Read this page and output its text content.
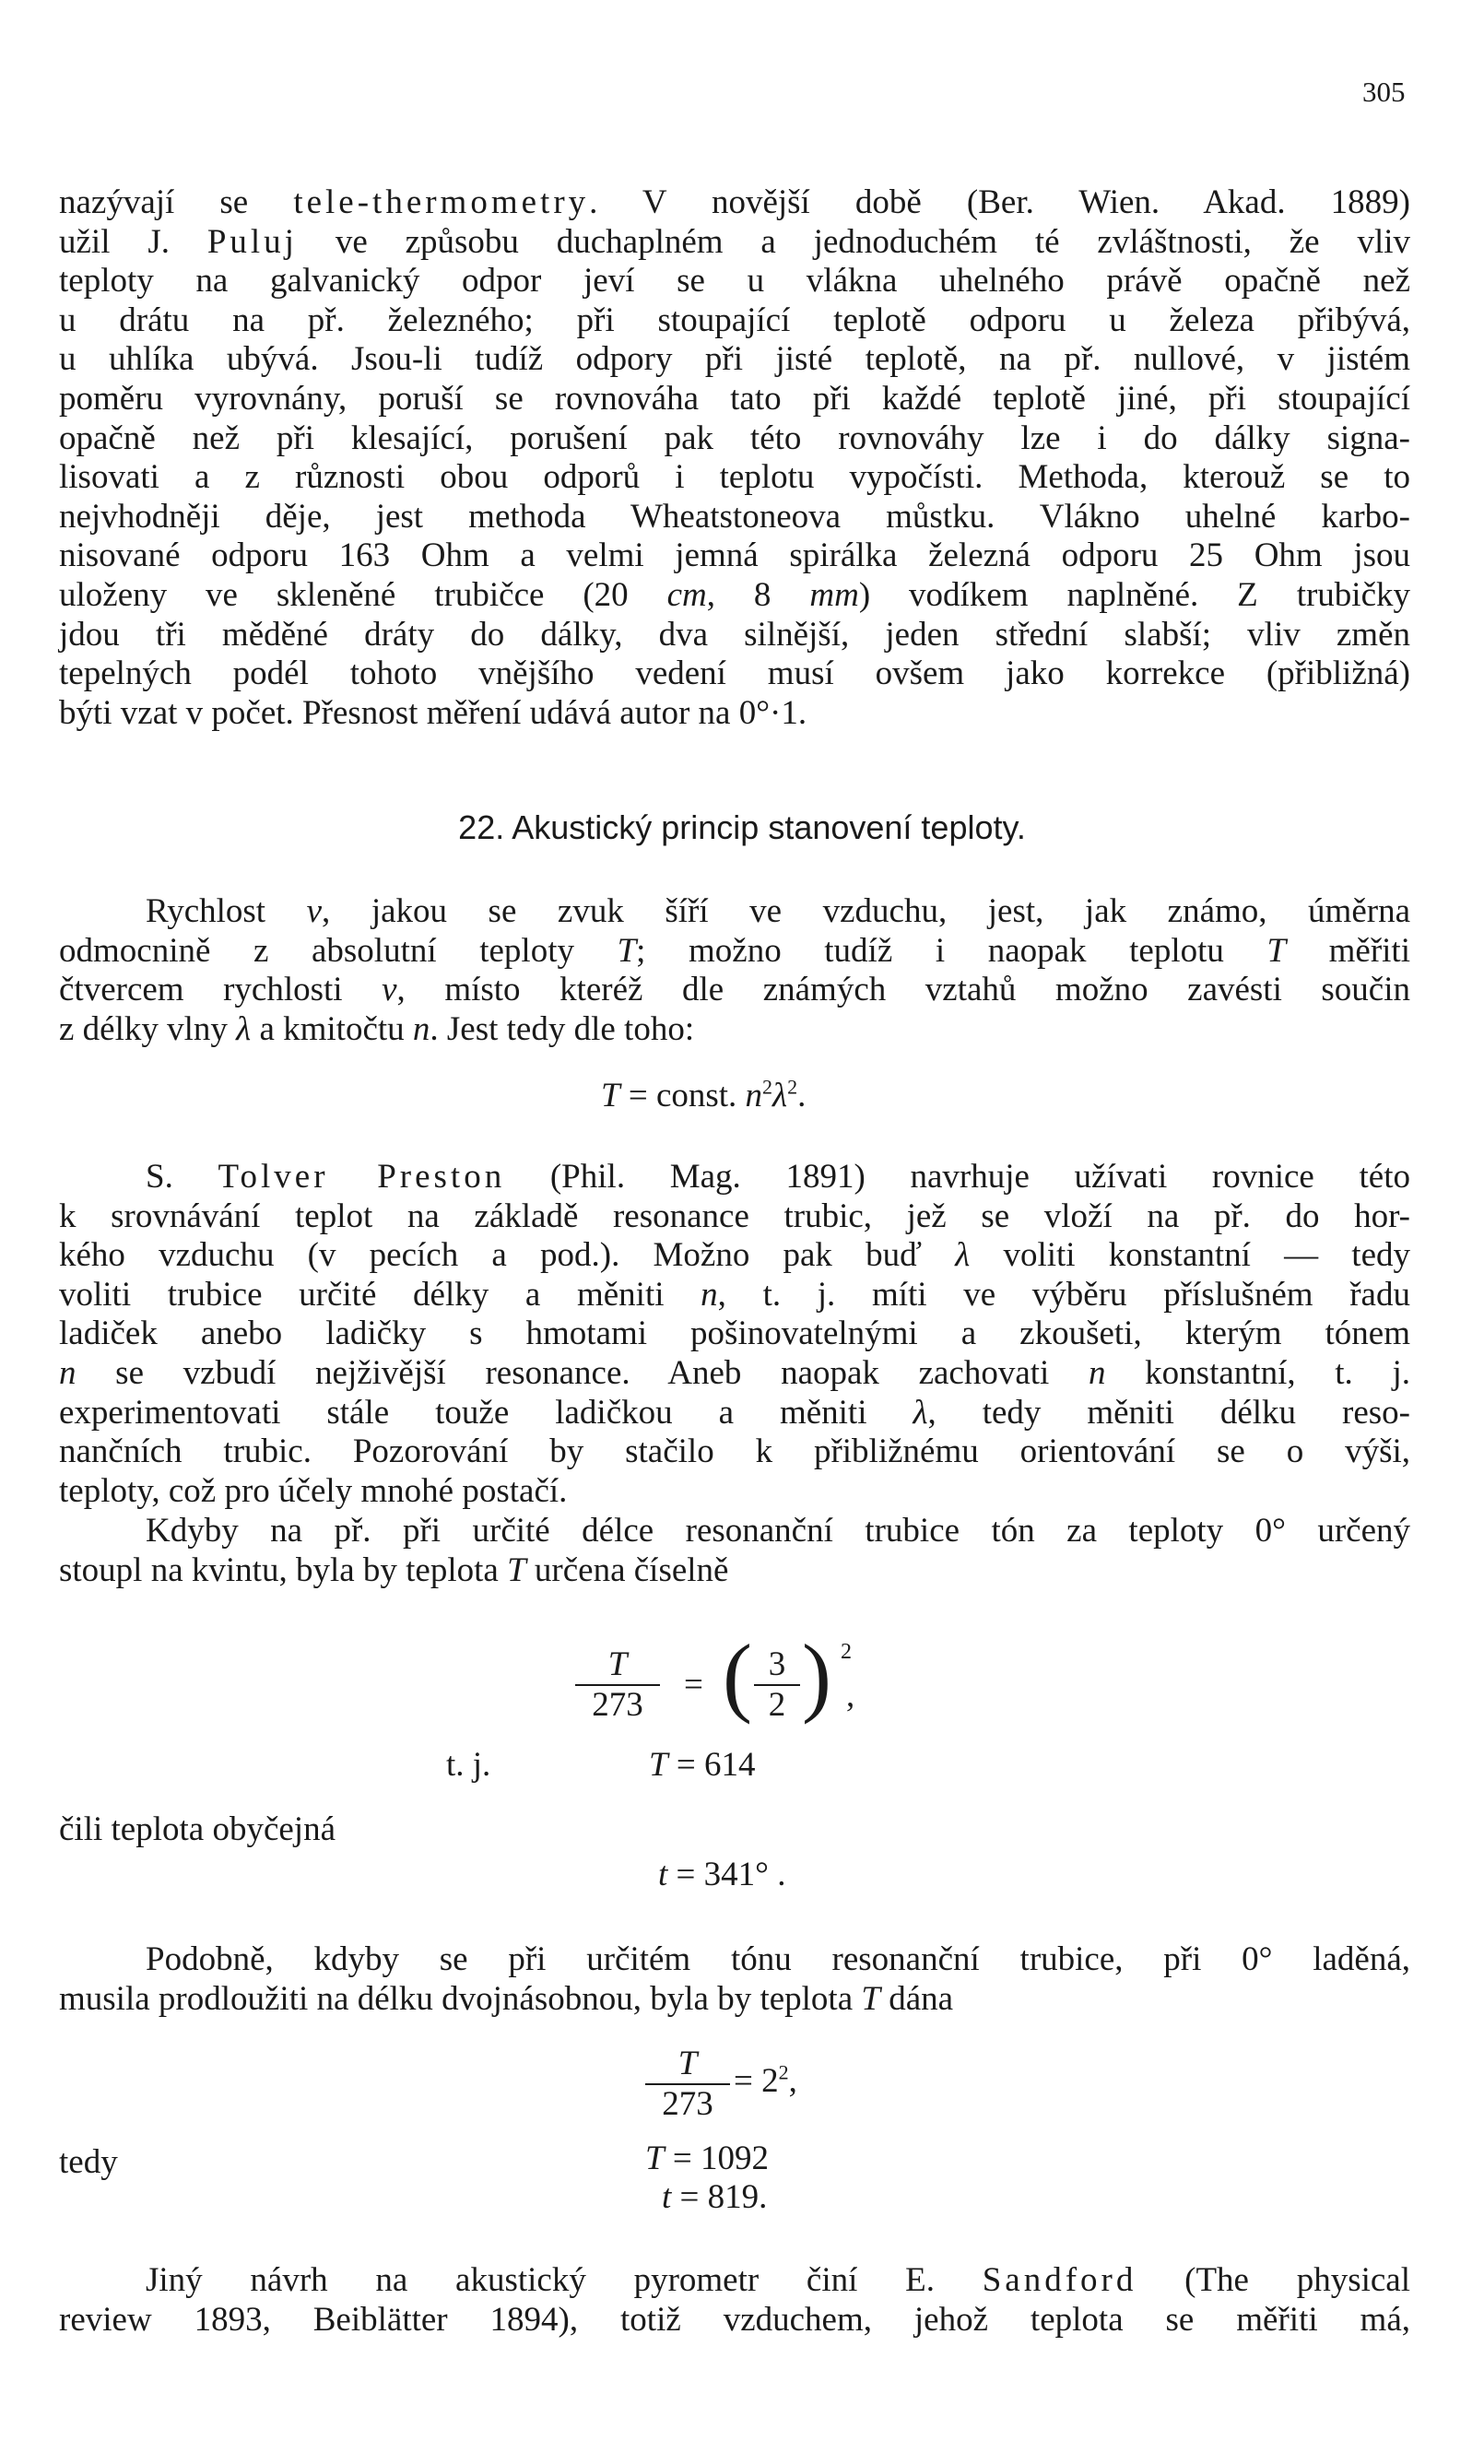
305
nazývají se tele-thermometry. V novější době (Ber. Wien. Akad. 1889)
užil J. Puluj ve způsobu duchaplném a jednoduchém té zvláštnosti, že vliv
teploty na galvanický odpor jeví se u vlákna uhelného právě opačně než
u drátu na př. železného; při stoupající teplotě odporu u železa přibývá,
u uhlíka ubývá. Jsou-li tudíž odpory při jisté teplotě, na př. nullové, v jistém
poměru vyrovnány, poruší se rovnováha tato při každé teplotě jiné, při stoupající
opačně než při klesající, porušení pak této rovnováhy lze i do dálky signa-
lisovati a z různosti obou odporů i teplotu vypočísti. Methoda, kterouž se to
nejvhodněji děje, jest methoda Wheatstoneova můstku. Vlákno uhelné karbo-
nisované odporu 163 Ohm a velmi jemná spirálka železná odporu 25 Ohm jsou
uloženy ve skleněné trubičce (20 cm, 8 mm) vodíkem naplněné. Z trubičky
jdou tři měděné dráty do dálky, dva silnější, jeden střední slabší; vliv změn
tepelných podél tohoto vnějšího vedení musí ovšem jako korrekce (přibližná)
býti vzat v počet. Přesnost měření udává autor na 0°·1.
22. Akustický princip stanovení teploty.
Rychlost v, jakou se zvuk šíří ve vzduchu, jest, jak známo, úměrna
odmocnině z absolutní teploty T; možno tudíž i naopak teplotu T měřiti
čtvercem rychlosti v, místo kteréž dle známých vztahů možno zavésti součin
z délky vlny λ a kmitočtu n. Jest tedy dle toho:
T = const. $n^2\lambda^2$.
S. Tolver Preston (Phil. Mag. 1891) navrhuje užívati rovnice této
k srovnávání teplot na základě resonance trubic, jež se vloží na př. do hor-
kého vzduchu (v pecích a pod.). Možno pak buď λ voliti konstantní — tedy
voliti trubice určité délky a měniti n, t. j. míti ve výběru příslušném řadu
ladiček anebo ladičky s hmotami pošinovatelnými a zkoušeti, kterým tónem
n se vzbudí nejživější resonance. Aneb naopak zachovati n konstantní, t. j.
experimentovati stále touže ladičkou a měniti λ, tedy měniti délku reso-
nančních trubic. Pozorování by stačilo k přibližnému orientování se o výši,
teploty, což pro účely mnohé postačí.
Kdyby na př. při určité délce resonanční trubice tón za teploty 0° určený
stoupl na kvintu, byla by teplota T určena číselně
$\frac{T}{273}$ = ( $\frac{3}{2}$ ) 2
,
t. j.	T = 614
čili teplota obyčejná
t = 341° .
Podobně, kdyby se při určitém tónu resonanční trubice, při 0° laděná,
musila prodloužiti na délku dvojnásobnou, byla by teplota T dána
$\frac{T}{273} = 2^2$,
tedy	T = 1092
t = 819.
Jiný návrh na akustický pyrometr činí E. Sandford (The physical
review 1893, Beiblätter 1894), totiž vzduchem, jehož teplota se měřiti má,
